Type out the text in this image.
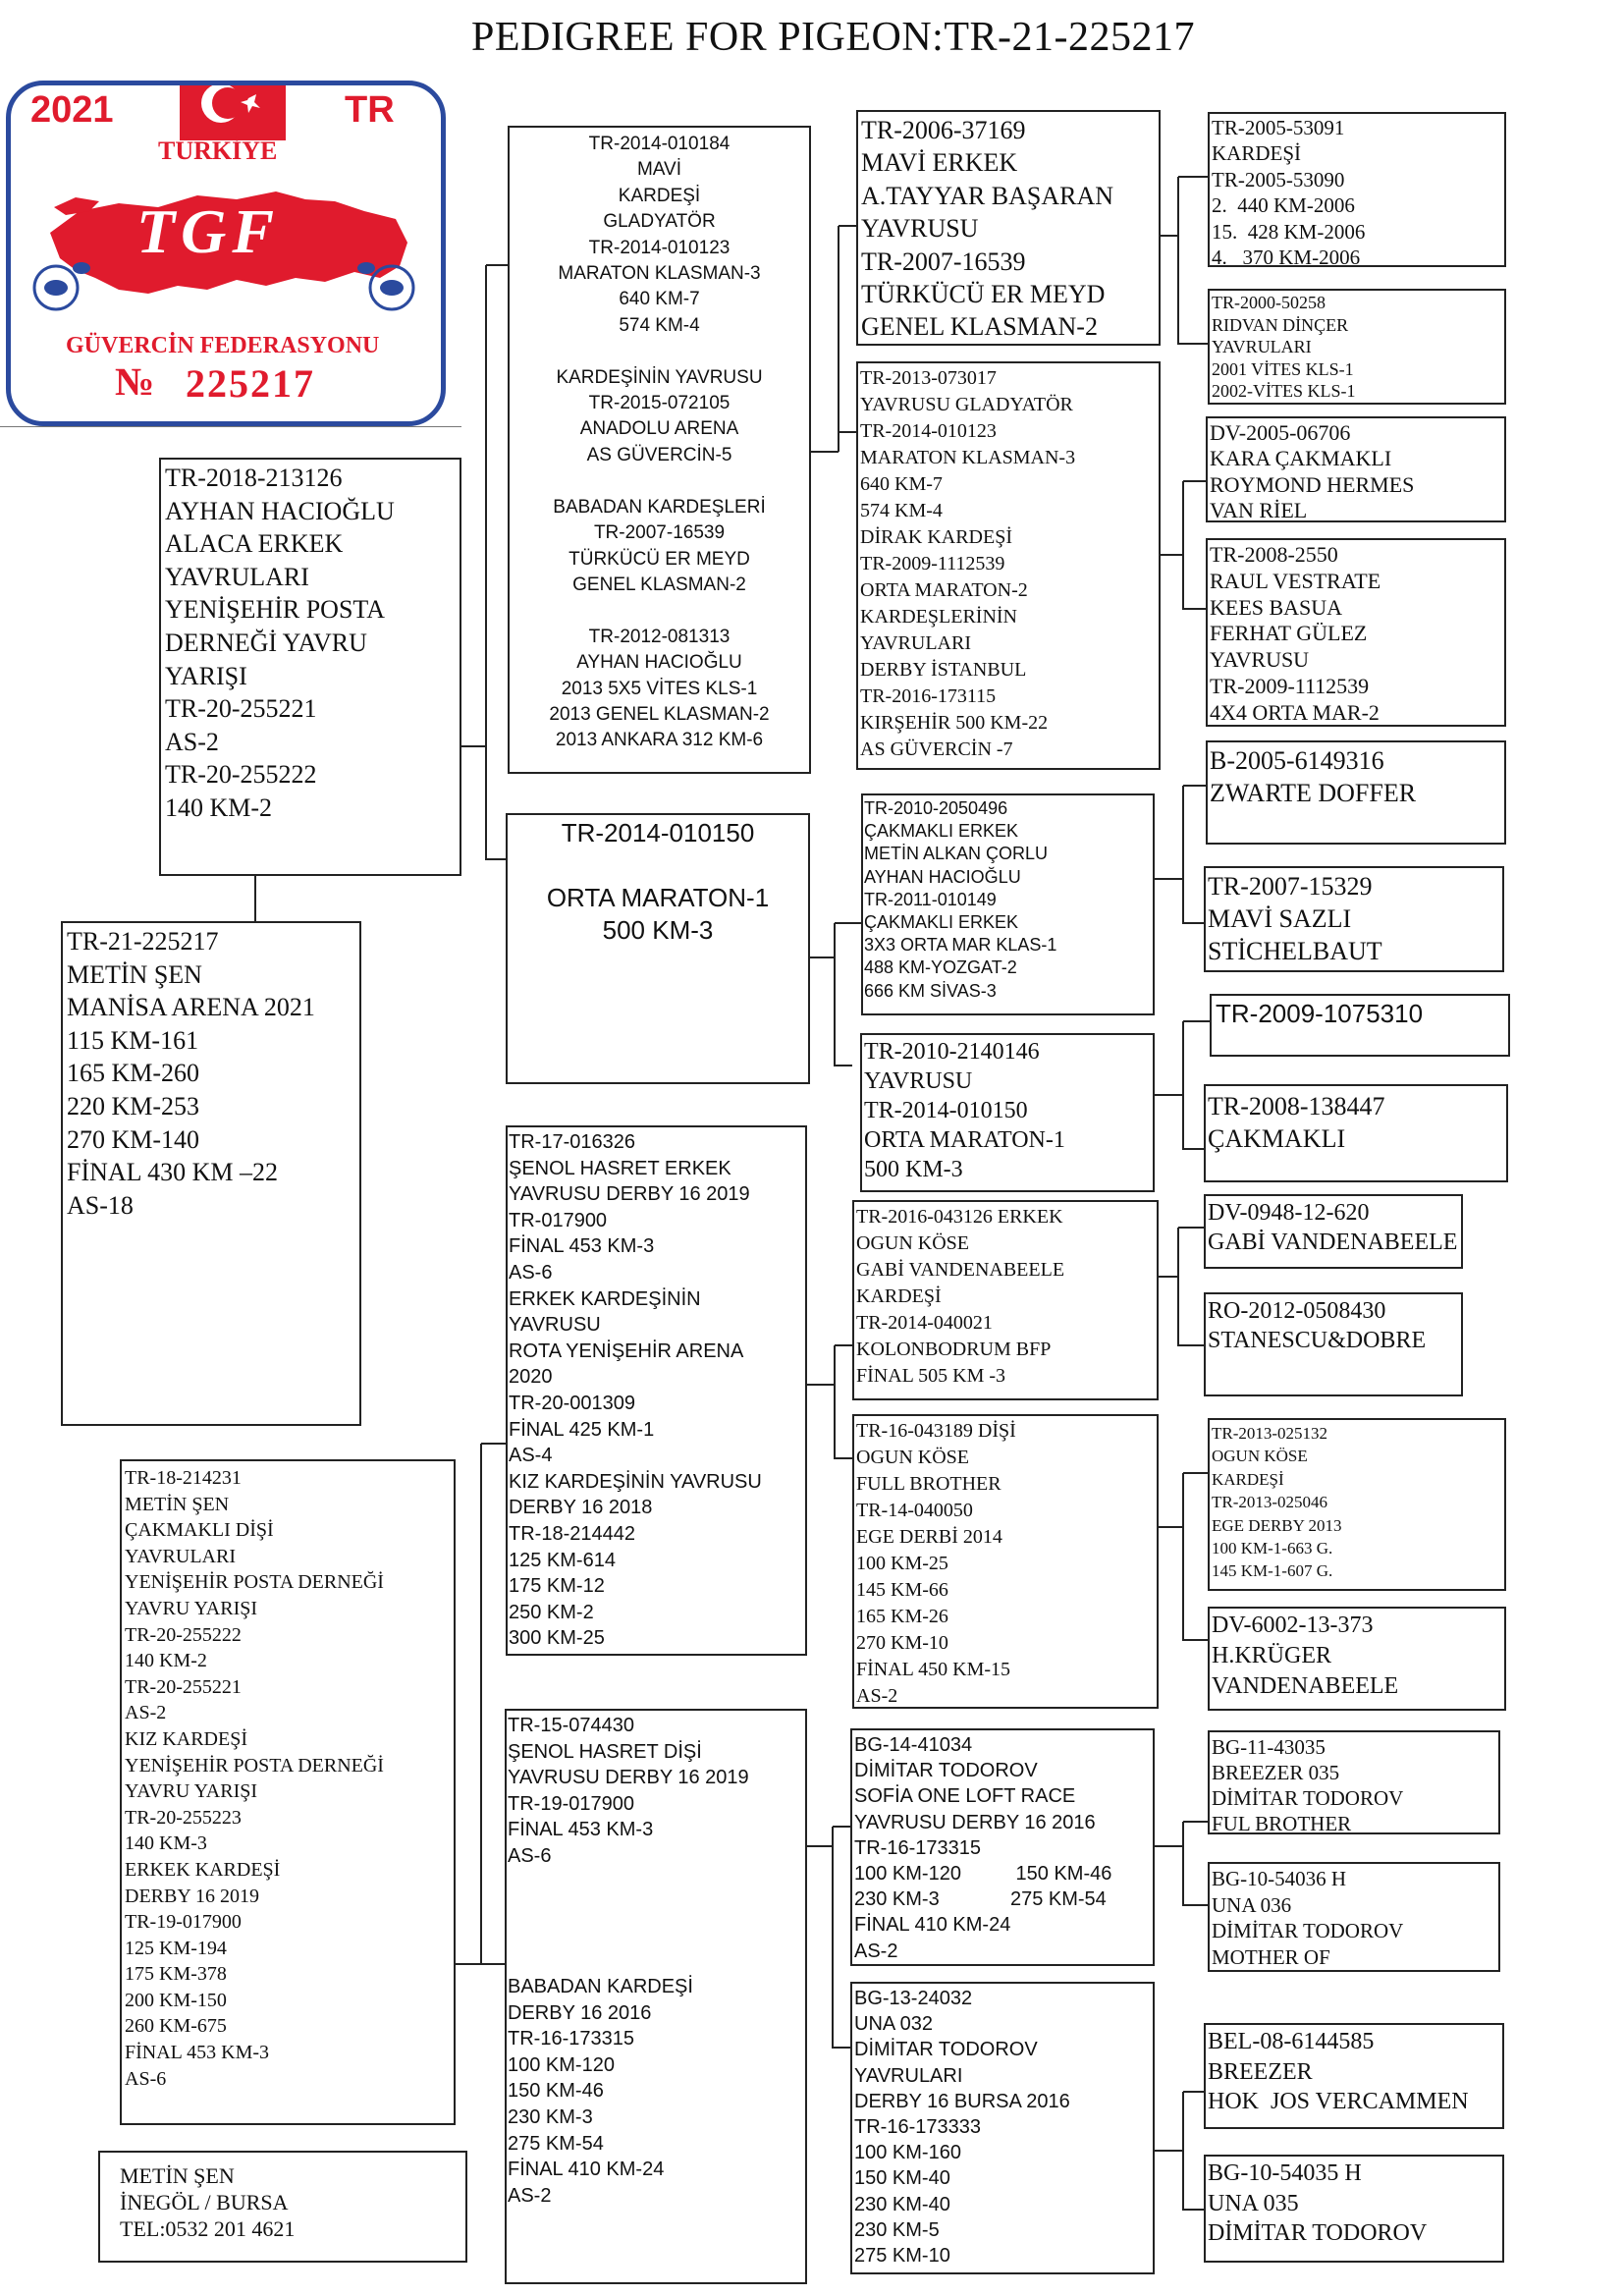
PEDIGREE FOR PIGEON:TR-21-225217
2021	TR
TÜRKİYE
TGF
GÜVERCİN FEDERASYONU
№ 225217
TR-21-225217
METİN ŞEN
MANİSA ARENA 2021
115 KM-161
165 KM-260
220 KM-253
270 KM-140
FİNAL 430 KM –22
AS-18
TR-2018-213126
AYHAN HACIOĞLU
ALACA ERKEK
YAVRULARI
YENİŞEHİR POSTA
DERNEĞİ YAVRU
YARIŞI
TR-20-255221
AS-2
TR-20-255222
140 KM-2
TR-18-214231
METİN ŞEN
ÇAKMAKLI DİŞİ
YAVRULARI
YENİŞEHİR POSTA DERNEĞİ
YAVRU YARIŞI
TR-20-255222
140 KM-2
TR-20-255221
AS-2
KIZ KARDEŞİ
YENİŞEHİR POSTA DERNEĞİ
YAVRU YARIŞI
TR-20-255223
140 KM-3
ERKEK KARDEŞİ
DERBY 16 2019
TR-19-017900
125 KM-194
175 KM-378
200 KM-150
260 KM-675
FİNAL 453 KM-3
AS-6
METİN ŞEN
İNEGÖL / BURSA
TEL:0532 201 4621
TR-2014-010184
MAVİ
KARDEŞİ
GLADYATÖR
TR-2014-010123
MARATON KLASMAN-3
640 KM-7
574 KM-4

KARDEŞİNİN YAVRUSU
TR-2015-072105
ANADOLU ARENA
AS GÜVERCİN-5

BABADAN KARDEŞLERİ
TR-2007-16539
TÜRKÜCÜ ER MEYD
GENEL KLASMAN-2

TR-2012-081313
AYHAN HACIOĞLU
2013 5X5 VİTES KLS-1
2013 GENEL KLASMAN-2
2013 ANKARA 312 KM-6
TR-2014-010150

ORTA MARATON-1
500 KM-3
TR-17-016326
ŞENOL HASRET ERKEK
YAVRUSU DERBY 16 2019
TR-017900
FİNAL 453 KM-3
AS-6
ERKEK KARDEŞİNİN
YAVRUSU
ROTA YENİŞEHİR ARENA
2020
TR-20-001309
FİNAL 425 KM-1
AS-4
KIZ KARDEŞİNİN YAVRUSU
DERBY 16 2018
TR-18-214442
125 KM-614
175 KM-12
250 KM-2
300 KM-25
TR-15-074430
ŞENOL HASRET DİŞİ
YAVRUSU DERBY 16 2019
TR-19-017900
FİNAL 453 KM-3
AS-6

BABADAN KARDEŞİ
DERBY 16 2016
TR-16-173315
100 KM-120
150 KM-46
230 KM-3
275 KM-54
FİNAL 410 KM-24
AS-2
TR-2006-37169
MAVİ ERKEK
A.TAYYAR BAŞARAN
YAVRUSU
TR-2007-16539
TÜRKÜCÜ ER MEYD
GENEL KLASMAN-2
TR-2013-073017
YAVRUSU GLADYATÖR
TR-2014-010123
MARATON KLASMAN-3
640 KM-7
574 KM-4
DİRAK KARDEŞİ
TR-2009-1112539
ORTA MARATON-2
KARDEŞLERİNİN
YAVRULARI
DERBY İSTANBUL
TR-2016-173115
KIRŞEHİR 500 KM-22
AS GÜVERCİN -7
TR-2010-2050496
ÇAKMAKLI ERKEK
METİN ALKAN ÇORLU
AYHAN HACIOĞLU
TR-2011-010149
ÇAKMAKLI ERKEK
3X3 ORTA MAR KLAS-1
488 KM-YOZGAT-2
666 KM SİVAS-3
TR-2010-2140146
YAVRUSU
TR-2014-010150
ORTA MARATON-1
500 KM-3
TR-2016-043126 ERKEK
OGUN KÖSE
GABİ VANDENABEELE
KARDEŞİ
TR-2014-040021
KOLONBODRUM BFP
FİNAL 505 KM -3
TR-16-043189 DİŞİ
OGUN KÖSE
FULL BROTHER
TR-14-040050
EGE DERBİ 2014
100 KM-25
145 KM-66
165 KM-26
270 KM-10
FİNAL 450 KM-15
AS-2
BG-14-41034
DİMİTAR TODOROV
SOFİA ONE LOFT RACE
YAVRUSU DERBY 16 2016
TR-16-173315
100 KM-120          150 KM-46
230 KM-3             275 KM-54
FİNAL 410 KM-24
AS-2
BG-13-24032
UNA 032
DİMİTAR TODOROV
YAVRULARI
DERBY 16 BURSA 2016
TR-16-173333
100 KM-160
150 KM-40
230 KM-40
230 KM-5
275 KM-10
TR-2005-53091
KARDEŞİ
TR-2005-53090
2.  440 KM-2006
15.  428 KM-2006
4.   370 KM-2006
TR-2000-50258
RIDVAN DİNÇER
YAVRULARI
2001 VİTES KLS-1
2002-VİTES KLS-1
DV-2005-06706
KARA ÇAKMAKLI
ROYMOND HERMES
VAN RİEL
TR-2008-2550
RAUL VESTRATE
KEES BASUA
FERHAT GÜLEZ
YAVRUSU
TR-2009-1112539
4X4 ORTA MAR-2
B-2005-6149316
ZWARTE DOFFER
TR-2007-15329
MAVİ SAZLI
STİCHELBAUT
TR-2009-1075310
TR-2008-138447
ÇAKMAKLI
DV-0948-12-620
GABİ VANDENABEELE
RO-2012-0508430
STANESCU&DOBRE
TR-2013-025132
OGUN KÖSE
KARDEŞİ
TR-2013-025046
EGE DERBY 2013
100 KM-1-663 G.
145 KM-1-607 G.
DV-6002-13-373
H.KRÜGER
VANDENABEELE
BG-11-43035
BREEZER 035
DİMİTAR TODOROV
FUL BROTHER
BG-10-54036 H
UNA 036
DİMİTAR TODOROV
MOTHER OF
BEL-08-6144585
BREEZER
HOK  JOS VERCAMMEN
BG-10-54035 H
UNA 035
DİMİTAR TODOROV
